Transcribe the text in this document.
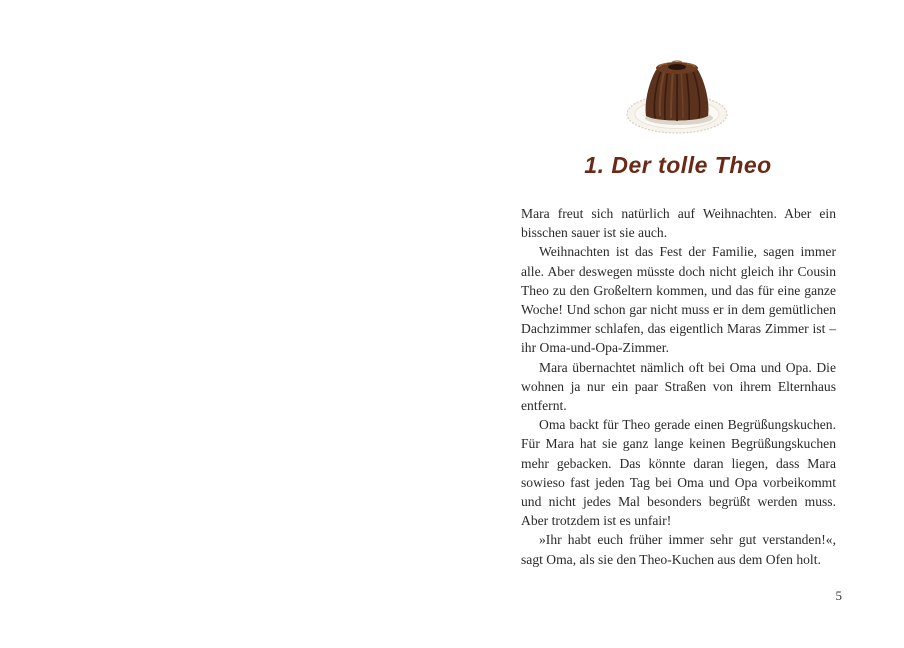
1. Der tolle Theo

Mara freut sich natürlich auf Weihnachten. Aber ein bisschen sauer ist sie auch.

Weihnachten ist das Fest der Familie, sagen immer alle. Aber deswegen müsste doch nicht gleich ihr Cousin Theo zu den Großeltern kommen, und das für eine ganze Woche! Und schon gar nicht muss er in dem gemütlichen Dachzimmer schlafen, das eigentlich Maras Zimmer ist – ihr Oma-und-Opa-Zimmer.

Mara übernachtet nämlich oft bei Oma und Opa. Die wohnen ja nur ein paar Straßen von ihrem Elternhaus entfernt.

Oma backt für Theo gerade einen Begrüßungskuchen. Für Mara hat sie ganz lange keinen Begrüßungskuchen mehr gebacken. Das könnte daran liegen, dass Mara sowieso fast jeden Tag bei Oma und Opa vorbeikommt und nicht jedes Mal besonders begrüßt werden muss. Aber trotzdem ist es unfair!

»Ihr habt euch früher immer sehr gut verstanden!«, sagt Oma, als sie den Theo-Kuchen aus dem Ofen holt.

5
